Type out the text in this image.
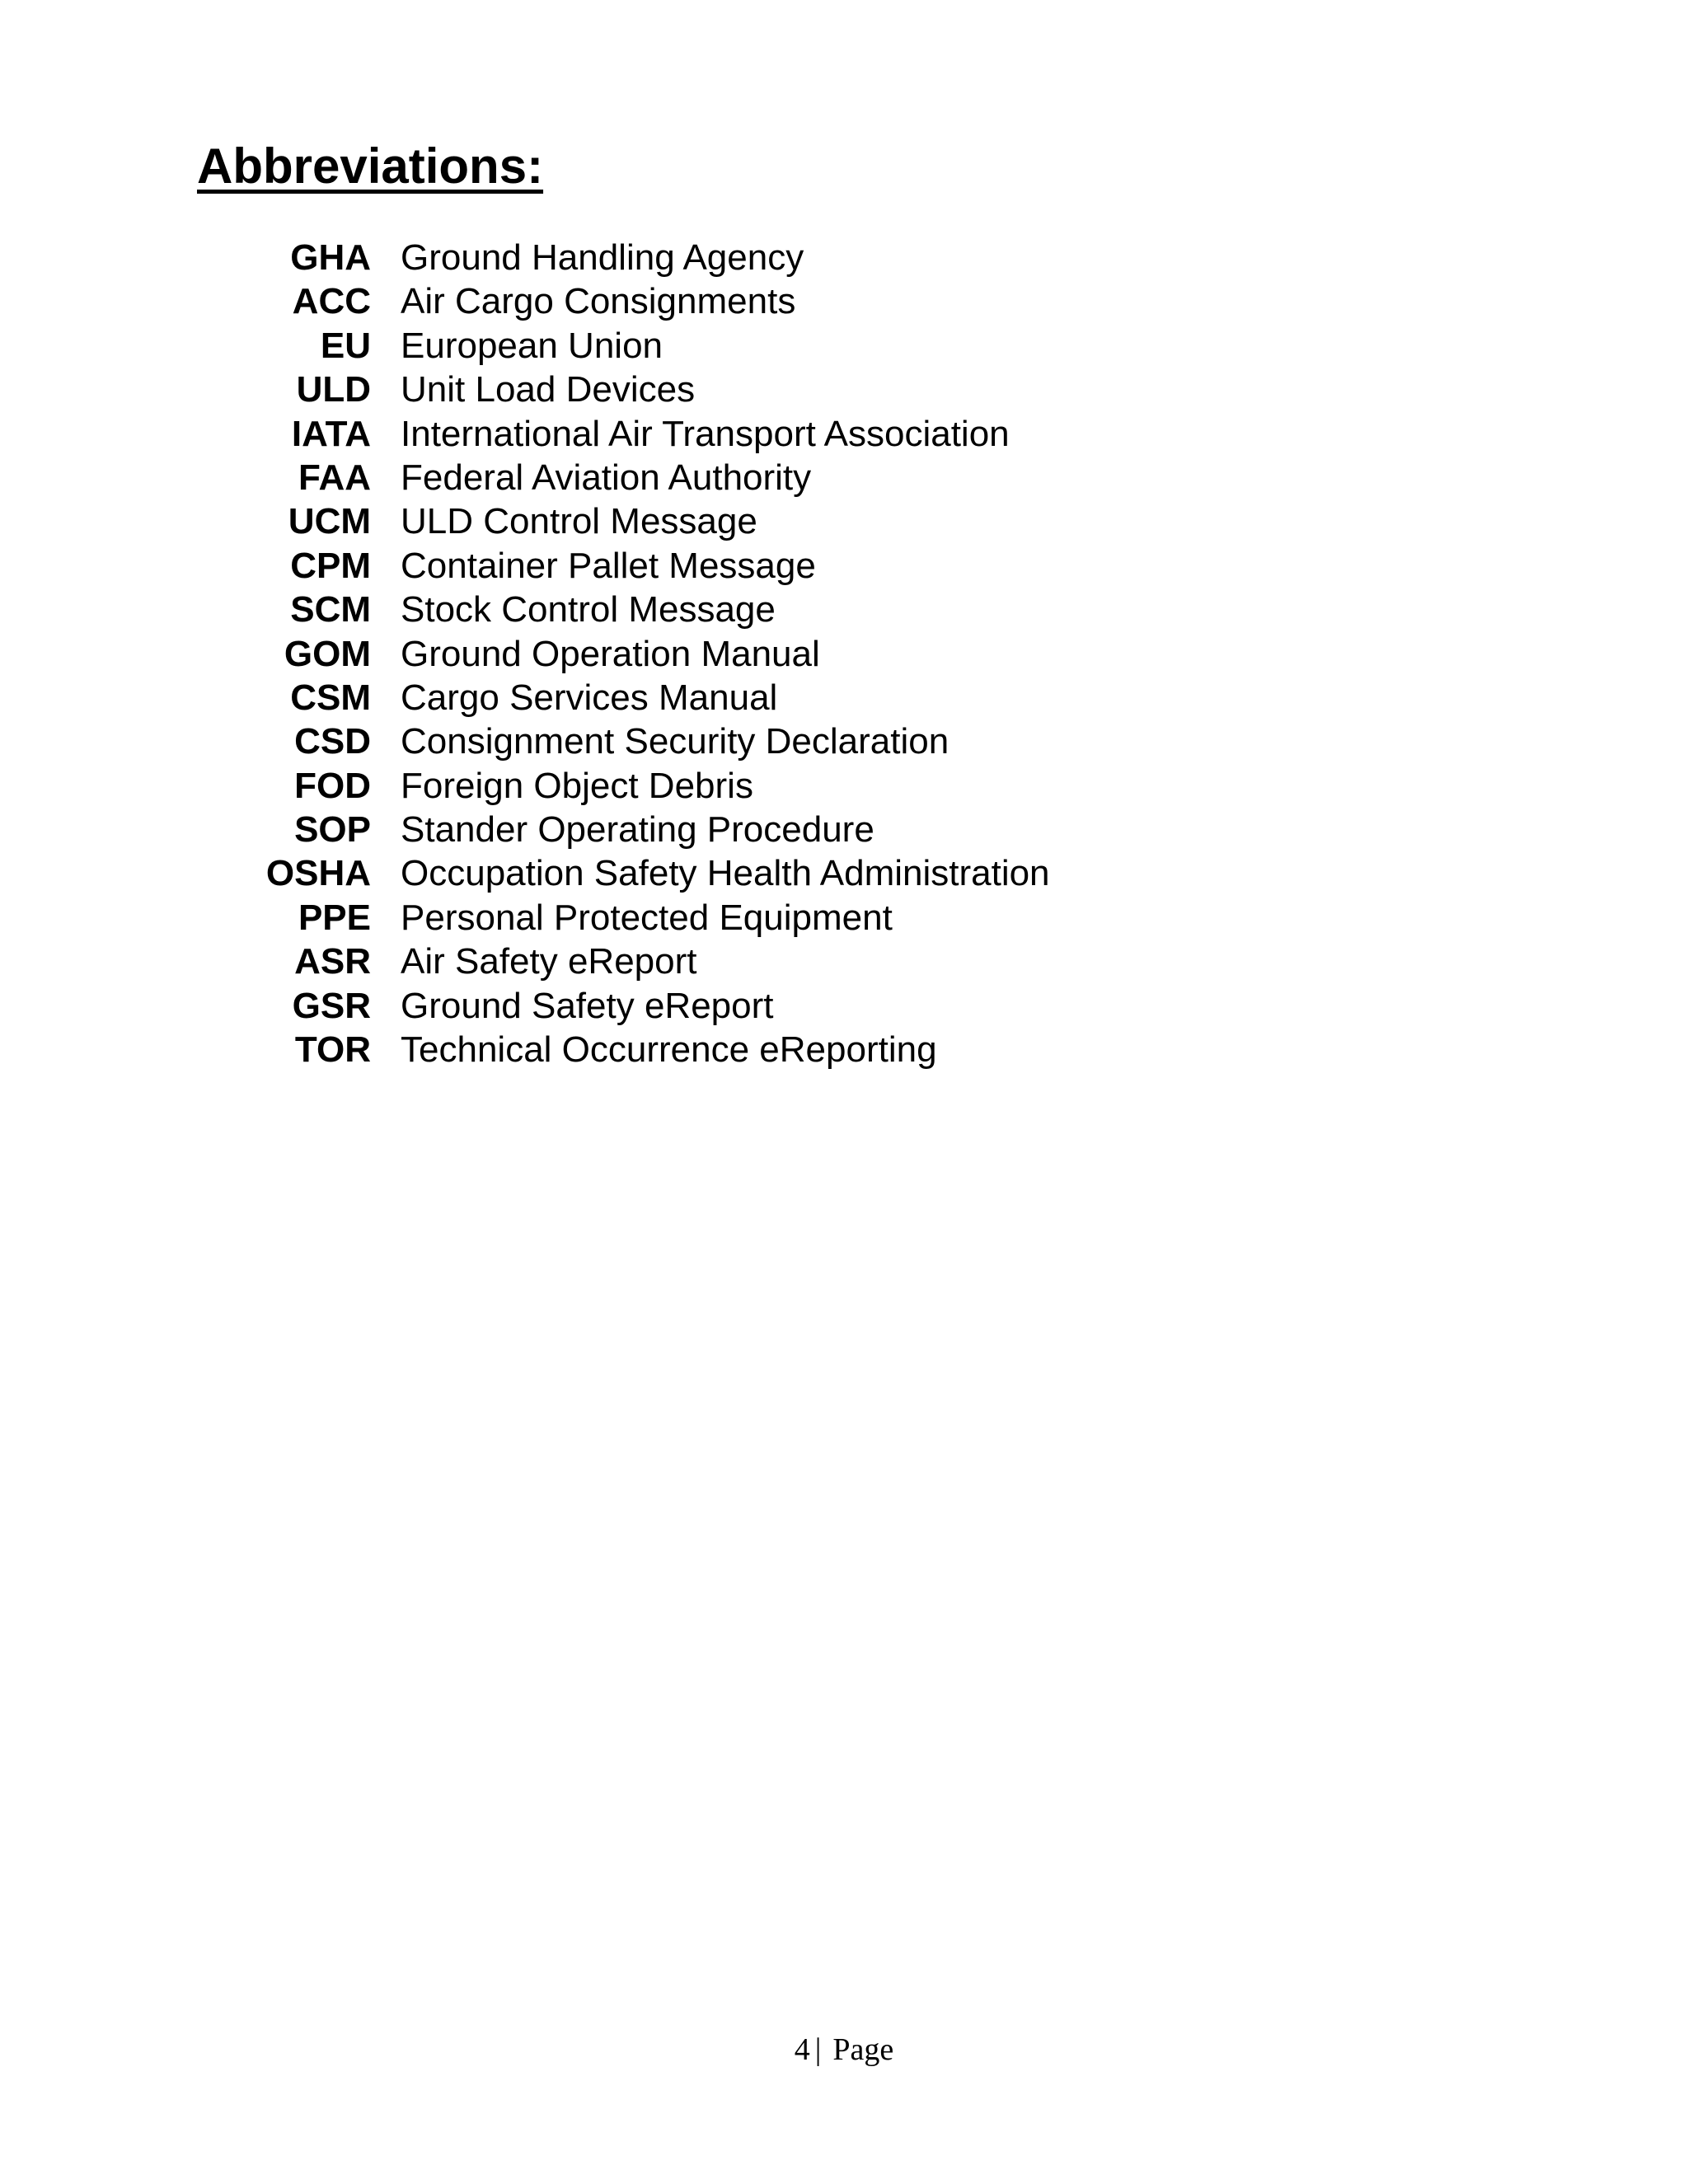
Abbreviations:
GHA Ground Handling Agency
ACC Air Cargo Consignments
EU European Union
ULD Unit Load Devices
IATA International Air Transport Association
FAA Federal Aviation Authority
UCM ULD Control Message
CPM Container Pallet Message
SCM Stock Control Message
GOM Ground Operation Manual
CSM Cargo Services Manual
CSD Consignment Security Declaration
FOD Foreign Object Debris
SOP Stander Operating Procedure
OSHA Occupation Safety Health Administration
PPE Personal Protected Equipment
ASR Air Safety eReport
GSR Ground Safety eReport
TOR Technical Occurrence eReporting
4 | Page
